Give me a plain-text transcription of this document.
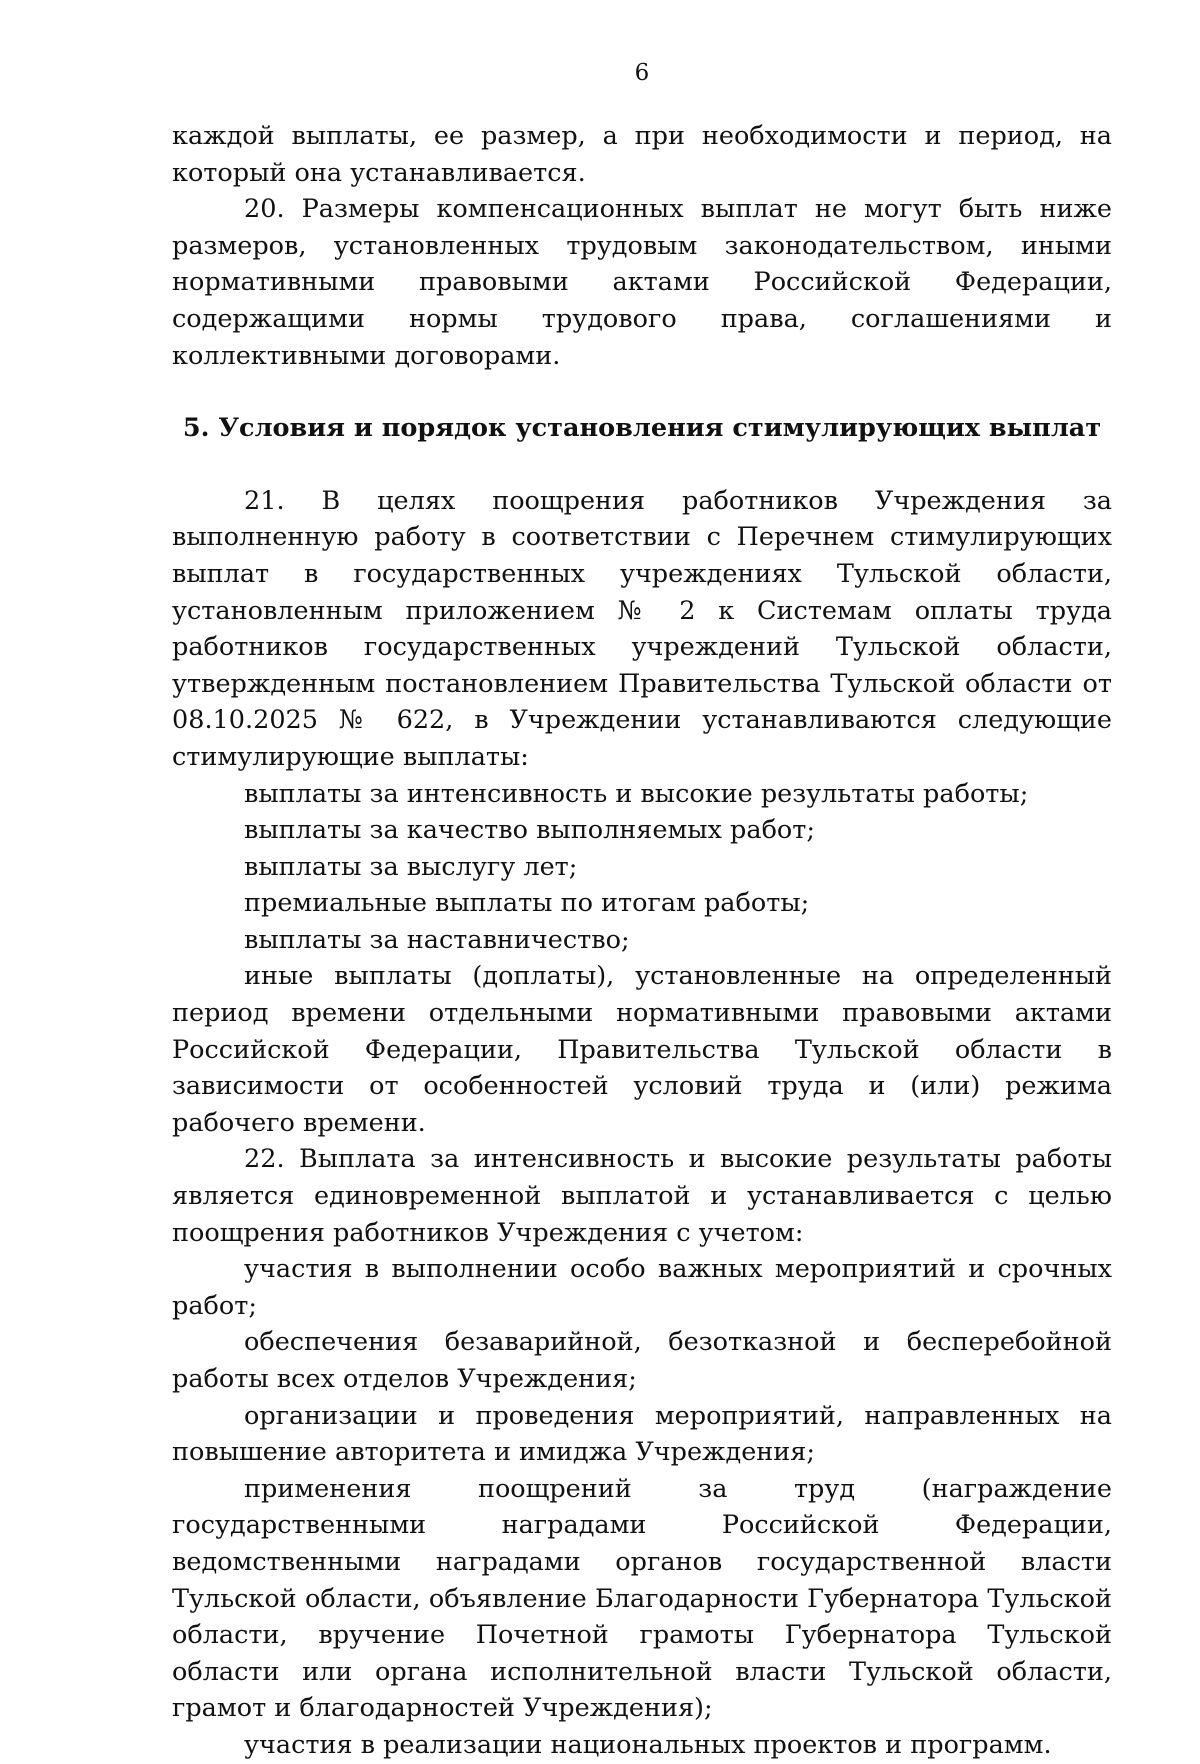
6

каждой выплаты, ее размер, а при необходимости и период, на который она устанавливается.

20. Размеры компенсационных выплат не могут быть ниже размеров, установленных трудовым законодательством, иными нормативными правовыми актами Российской Федерации, содержащими нормы трудового права, соглашениями и коллективными договорами.

5. Условия и порядок установления стимулирующих выплат

21. В целях поощрения работников Учреждения за выполненную работу в соответствии с Перечнем стимулирующих выплат в государственных учреждениях Тульской области, установленным приложением № 2 к Системам оплаты труда работников государственных учреждений Тульской области, утвержденным постановлением Правительства Тульской области от 08.10.2025 № 622, в Учреждении устанавливаются следующие стимулирующие выплаты:

выплаты за интенсивность и высокие результаты работы;

выплаты за качество выполняемых работ;

выплаты за выслугу лет;

премиальные выплаты по итогам работы;

выплаты за наставничество;

иные выплаты (доплаты), установленные на определенный период времени отдельными нормативными правовыми актами Российской Федерации, Правительства Тульской области в зависимости от особенностей условий труда и (или) режима рабочего времени.

22. Выплата за интенсивность и высокие результаты работы является единовременной выплатой и устанавливается с целью поощрения работников Учреждения с учетом:

участия в выполнении особо важных мероприятий и срочных работ;

обеспечения безаварийной, безотказной и бесперебойной работы всех отделов Учреждения;

организации и проведения мероприятий, направленных на повышение авторитета и имиджа Учреждения;

применения поощрений за труд (награждение государственными наградами Российской Федерации, ведомственными наградами органов государственной власти Тульской области, объявление Благодарности Губернатора Тульской области, вручение Почетной грамоты Губернатора Тульской области или органа исполнительной власти Тульской области, грамот и благодарностей Учреждения);

участия в реализации национальных проектов и программ.
